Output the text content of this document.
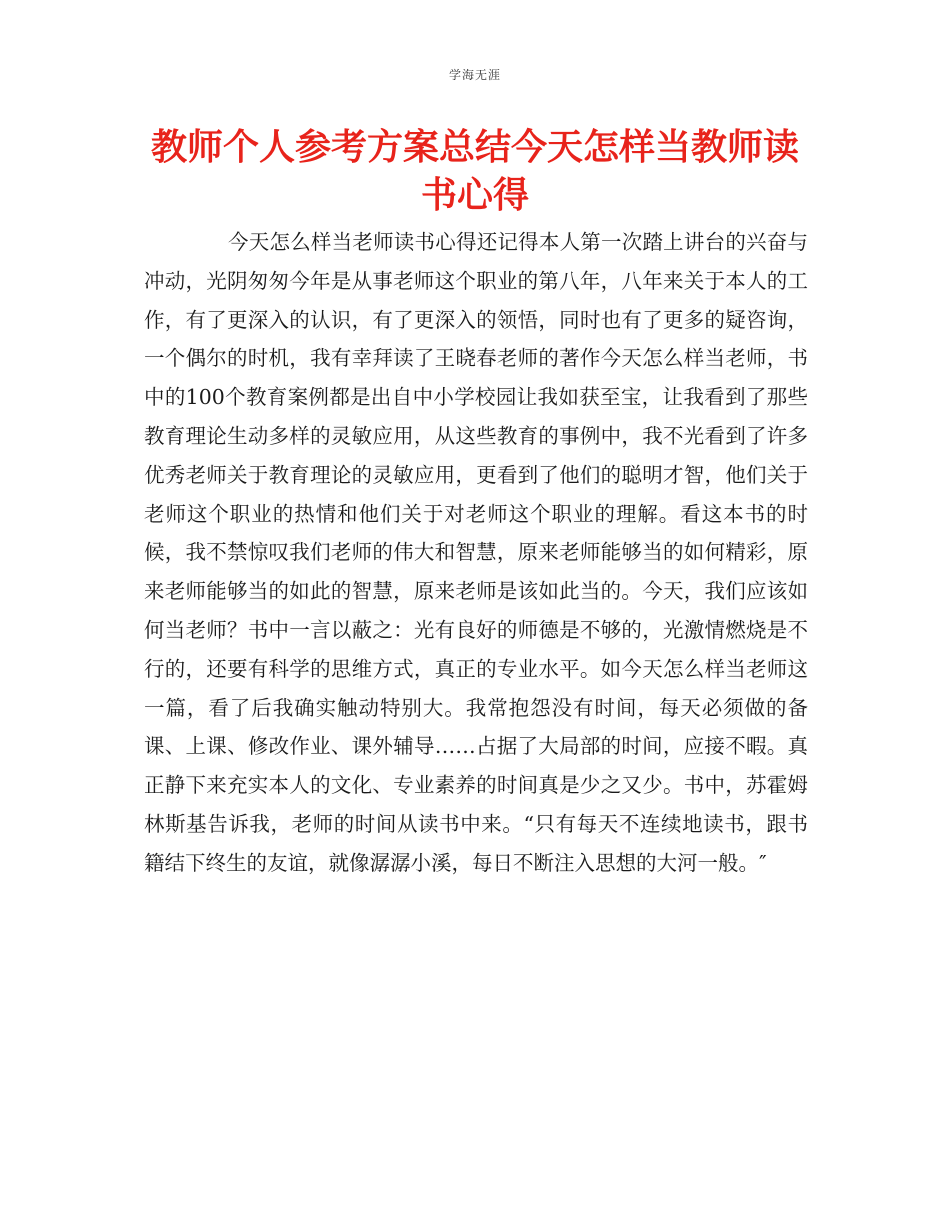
学海无涯
教师个人参考方案总结今天怎样当教师读书心得

今天怎么样当老师读书心得还记得本人第一次踏上讲台的兴奋与冲动，光阴匆匆今年是从事老师这个职业的第八年，八年来关于本人的工作，有了更深入的认识，有了更深入的领悟，同时也有了更多的疑咨询，一个偶尔的时机，我有幸拜读了王晓春老师的著作今天怎么样当老师，书中的100个教育案例都是出自中小学校园让我如获至宝，让我看到了那些教育理论生动多样的灵敏应用，从这些教育的事例中，我不光看到了许多优秀老师关于教育理论的灵敏应用，更看到了他们的聪明才智，他们关于老师这个职业的热情和他们关于对老师这个职业的理解。看这本书的时候，我不禁惊叹我们老师的伟大和智慧，原来老师能够当的如何精彩，原来老师能够当的如此的智慧，原来老师是该如此当的。今天，我们应该如何当老师？书中一言以蔽之：光有良好的师德是不够的，光激情燃烧是不行的，还要有科学的思维方式，真正的专业水平。如今天怎么样当老师这一篇，看了后我确实触动特别大。我常抱怨没有时间，每天必须做的备课、上课、修改作业、课外辅导……占据了大局部的时间，应接不暇。真正静下来充实本人的文化、专业素养的时间真是少之又少。书中，苏霍姆林斯基告诉我，老师的时间从读书中来。“只有每天不连续地读书，跟书籍结下终生的友谊，就像潺潺小溪，每日不断注入思想的大河一般。″
